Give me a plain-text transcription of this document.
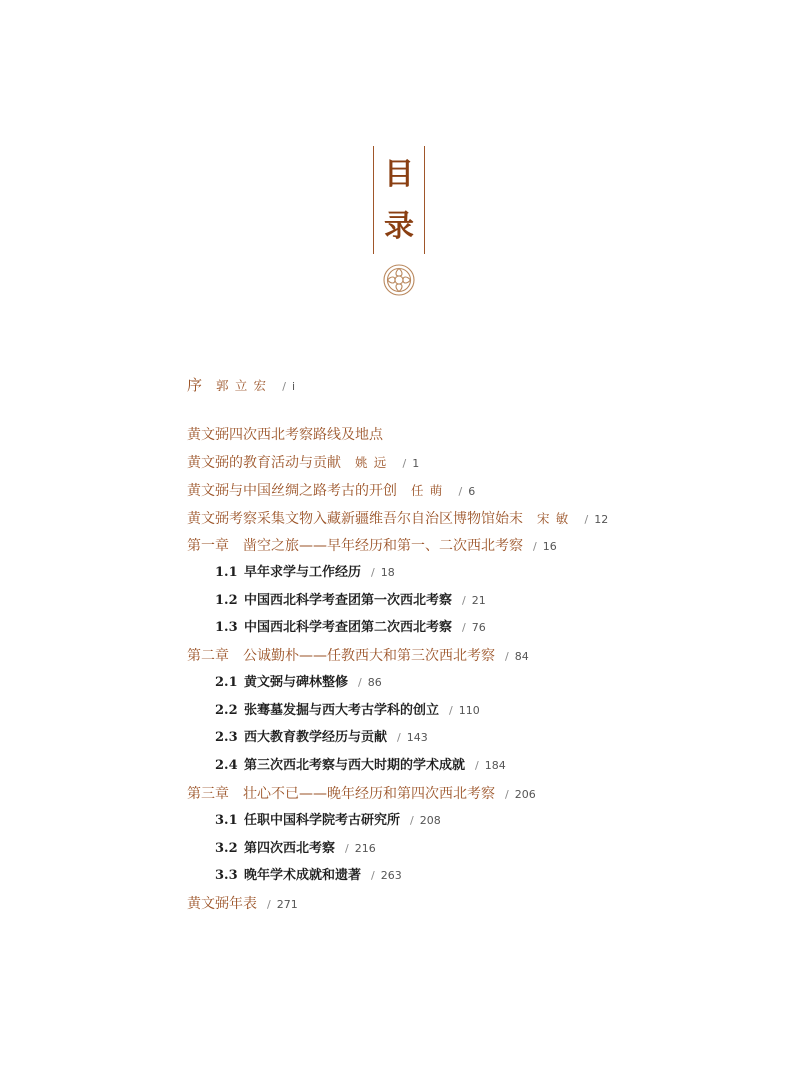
目
录
序 郭立宏 / i
黄文弼四次西北考察路线及地点
黄文弼的教育活动与贡献 姚远 / 1
黄文弼与中国丝绸之路考古的开创 任萌 / 6
黄文弼考察采集文物入藏新疆维吾尔自治区博物馆始末 宋敏 / 12
第一章　凿空之旅——早年经历和第一、二次西北考察 / 16
1.1 早年求学与工作经历 / 18
1.2 中国西北科学考查团第一次西北考察 / 21
1.3 中国西北科学考查团第二次西北考察 / 76
第二章　公诚勤朴——任教西大和第三次西北考察 / 84
2.1 黄文弼与碑林整修 / 86
2.2 张骞墓发掘与西大考古学科的创立 / 110
2.3 西大教育教学经历与贡献 / 143
2.4 第三次西北考察与西大时期的学术成就 / 184
第三章　壮心不已——晚年经历和第四次西北考察 / 206
3.1 任职中国科学院考古研究所 / 208
3.2 第四次西北考察 / 216
3.3 晚年学术成就和遗著 / 263
黄文弼年表 / 271
